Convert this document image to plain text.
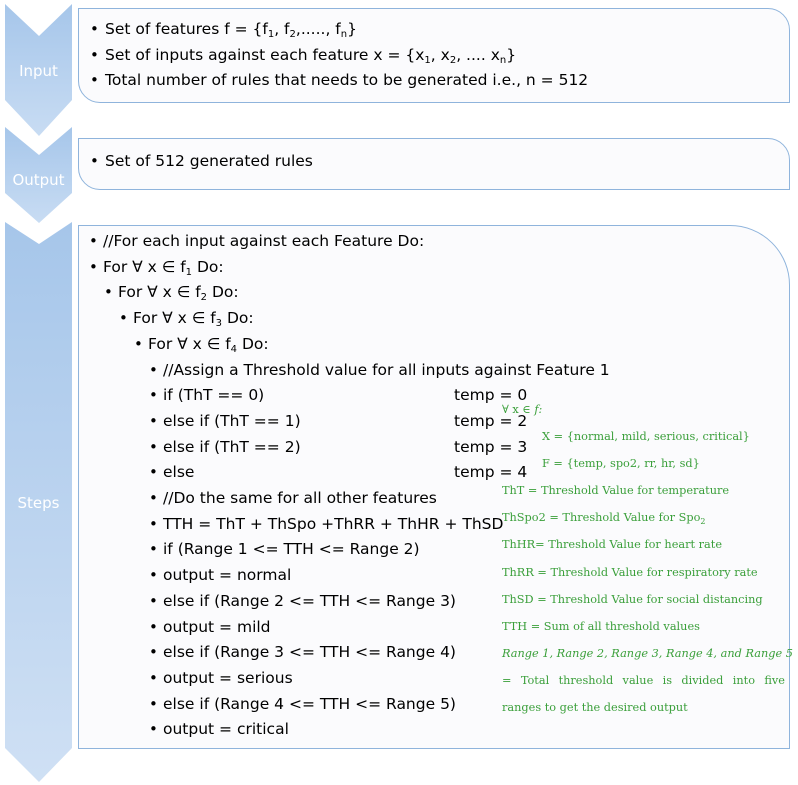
Input
Output
Steps
• Set of features $f = \{f_1$, $f_2$,....., $f_n$}
• Set of inputs against each feature $x = \{x_1$, $x_2$, .... $x_n$}
• Total number of rules that needs to be generated i.e., n = 512
• Set of 512 generated rules
• //For each input against each Feature Do:
• For ∀ x ∈ $f_1$ Do:
• For ∀ x ∈ $f_2$ Do:
• For ∀ x ∈ $f_3$ Do:
• For ∀ x ∈ $f_4$ Do:
• //Assign a Threshold value for all inputs against Feature 1
• if (ThT == 0)	temp = 0
• else if (ThT == 1)	temp = 2
• else if (ThT == 2)	temp = 3
• else	temp = 4
• //Do the same for all other features
• TTH = ThT + ThSpo +ThRR + ThHR + ThSD
• if (Range 1 <= TTH <= Range 2)
• output = normal
• else if (Range 2 <= TTH <= Range 3)
• output = mild
• else if (Range 3 <= TTH <= Range 4)
• output = serious
• else if (Range 4 <= TTH <= Range 5)
• output = critical
∀ x ∈ f:
X = {normal, mild, serious, critical}
F = {temp, spo2, rr, hr, sd}
ThT = Threshold Value for temperature
ThSpo2 = Threshold Value for Spo$_2$
ThHR= Threshold Value for heart rate
ThRR = Threshold Value for respiratory rate
ThSD = Threshold Value for social distancing
TTH = Sum of all threshold values
Range 1, Range 2, Range 3, Range 4, and Range 5
= Total threshold value is divided into five
ranges to get the desired output
